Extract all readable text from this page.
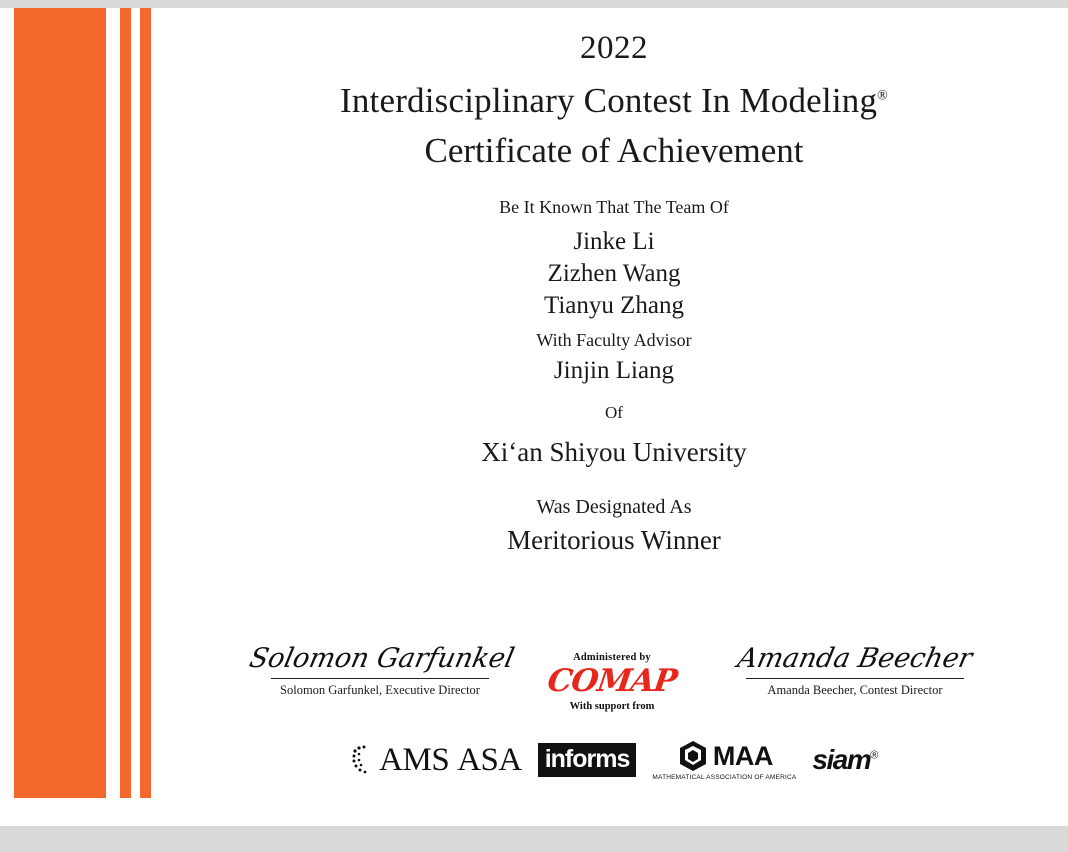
2022
Interdisciplinary Contest In Modeling®
Certificate of Achievement
Be It Known That The Team Of
Jinke Li
Zizhen Wang
Tianyu Zhang
With Faculty Advisor
Jinjin Liang
Of
Xi‘an Shiyou University
Was Designated As
Meritorious Winner
Solomon Garfunkel
Solomon Garfunkel, Executive Director
Administered by
COMAP
With support from
Amanda Beecher
Amanda Beecher, Contest Director
AMS ASA informs	MAA
MATHEMATICAL ASSOCIATION OF AMERICA
siam®
